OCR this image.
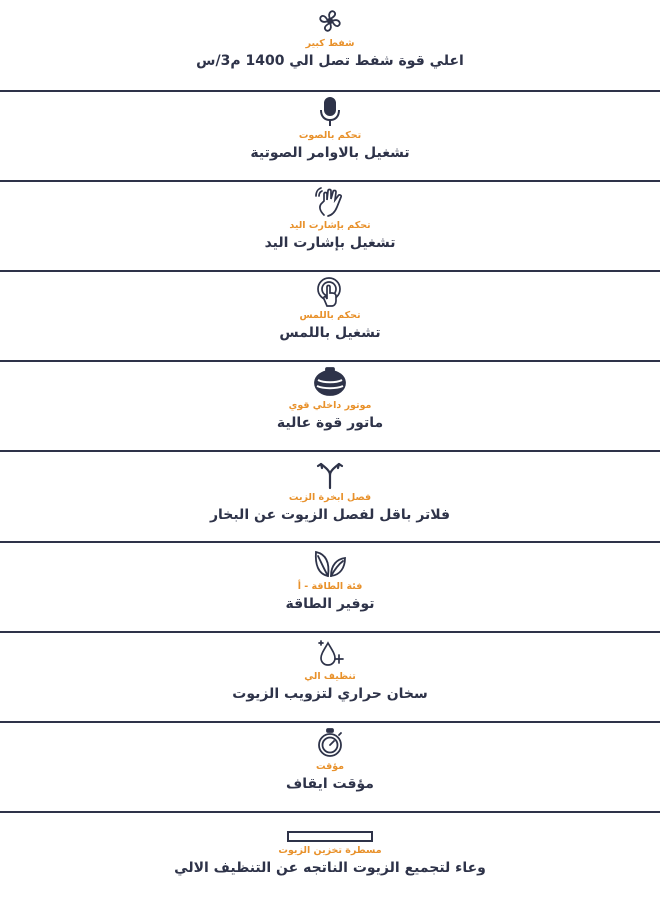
شفط كبير
اعلي قوة شفط تصل الي 1400 م3/س
تحكم بالصوت
تشغيل بالاوامر الصوتية
تحكم بإشارت اليد
تشغيل بإشارت اليد
تحكم باللمس
تشغيل باللمس
موتور داخلي قوي
ماتور قوة عالية
فصل ابخرة الزيت
فلاتر باقل لفصل الزيوت عن البخار
فئة الطاقة - أ
توفير الطاقة
تنظيف الي
سخان حراري لتزويب الزيوت
مؤقت
مؤقت ايقاف
مسطرة تخزين الزيوت
وعاء لتجميع الزيوت الناتجه عن التنظيف الالي
